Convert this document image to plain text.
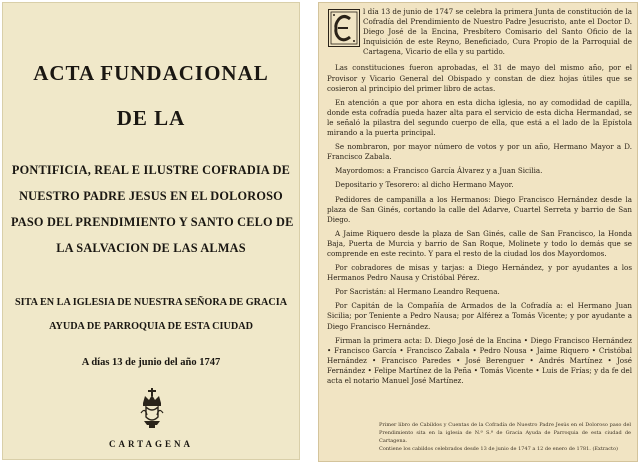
ACTA FUNDACIONAL
DE LA
PONTIFICIA, REAL E ILUSTRE COFRADIA DE
NUESTRO PADRE JESUS EN EL DOLOROSO
PASO DEL PRENDIMIENTO Y SANTO CELO DE
LA SALVACION DE LAS ALMAS
SITA EN LA IGLESIA DE NUESTRA SEÑORA DE GRACIA
AYUDA DE PARROQUIA DE ESTA CIUDAD
A días 13 de junio del año 1747
CARTAGENA

l día 13 de junio de 1747 se celebra la primera Junta de constitución de la Cofradía del Prendimiento de Nuestro Padre Jesucristo, ante el Doctor D. Diego José de la Encina, Presbítero Comisario del Santo Oficio de la Inquisición de este Reyno, Beneficiado, Cura Propio de la Parroquial de Cartagena, Vicario de ella y su partido.

Las constituciones fueron aprobadas, el 31 de mayo del mismo año, por el Provisor y Vicario General del Obispado y constan de diez hojas útiles que se cosieron al principio del primer libro de actas.

En atención a que por ahora en esta dicha iglesia, no ay comodidad de capilla, donde esta cofradía pueda hazer alta para el servicio de esta dicha Hermandad, se le señaló la pilastra del segundo cuerpo de ella, que está a el lado de la Epístola mirando a la puerta principal.

Se nombraron, por mayor número de votos y por un año, Hermano Mayor a D. Francisco Zabala.

Mayordomos: a Francisco García Álvarez y a Juan Sicilia.

Depositario y Tesorero: al dicho Hermano Mayor.

Pedidores de campanilla a los Hermanos: Diego Francisco Hernández desde la plaza de San Ginés, cortando la calle del Adarve, Cuartel Serreta y barrio de San Diego.

A Jaime Riquero desde la plaza de San Ginés, calle de San Francisco, la Honda Baja, Puerta de Murcia y barrio de San Roque, Molinete y todo lo demás que se comprende en este recinto. Y para el resto de la ciudad los dos Mayordomos.

Por cobradores de misas y tarjas: a Diego Hernández, y por ayudantes a los Hermanos Pedro Nausa y Cristóbal Pérez.

Por Sacristán: al Hermano Leandro Requena.

Por Capitán de la Compañía de Armados de la Cofradía a: el Hermano Juan Sicilia; por Teniente a Pedro Nausa; por Alférez a Tomás Vicente; y por ayudante a Diego Francisco Hernández.

Firman la primera acta: D. Diego José de la Encina • Diego Francisco Hernández • Francisco García • Francisco Zabala • Pedro Nousa • Jaime Riquero • Cristóbal Hernández • Francisco Paredes • José Berenguer • Andrés Martínez • José Fernández • Felipe Martínez de la Peña • Tomás Vicente • Luis de Frías; y da fe del acta el notario Manuel José Martínez.

Primer libro de Cabildos y Cuentas de la Cofradía de Nuestro Padre Jesús en el Doloroso paso del Prendimiento sita en la iglesia de N.ª S.ª de Gracia Ayuda de Parroquia de esta ciudad de Cartagena.

Contiene los cabildos celebrados desde 13 de junio de 1747 a 12 de enero de 1781. (Extracto)
